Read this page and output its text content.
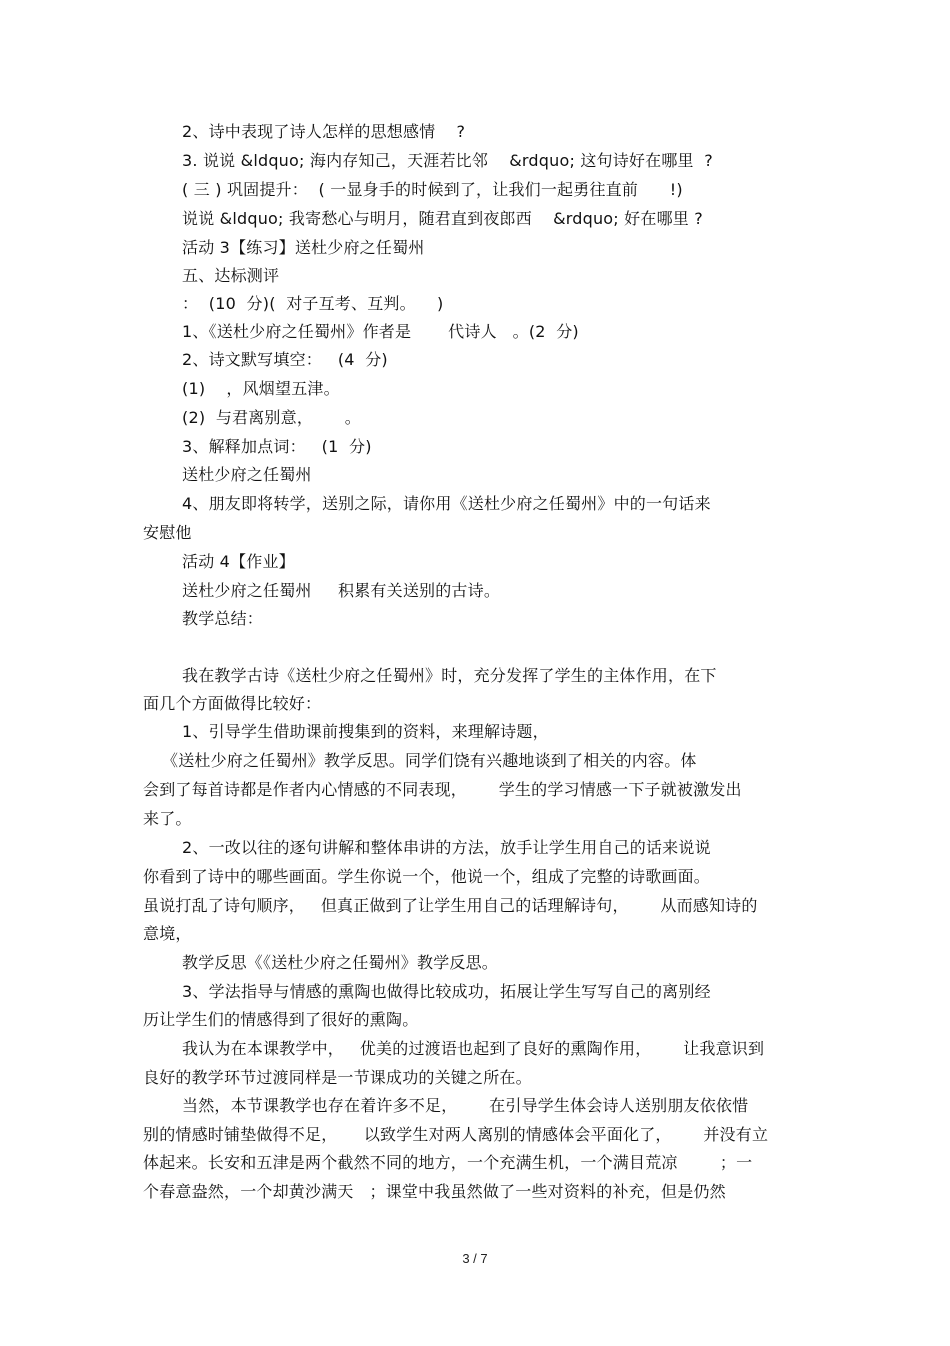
2、诗中表现了诗人怎样的思想感情    ?
3. 说说 &ldquo; 海内存知己，天涯若比邻    &rdquo; 这句诗好在哪里  ?
( 三 ) 巩固提升：  ( 一显身手的时候到了，让我们一起勇往直前      !)
说说 &ldquo; 我寄愁心与明月，随君直到夜郎西    &rdquo; 好在哪里 ?
活动 3【练习】送杜少府之任蜀州
五、达标测评
：  (10  分)(  对子互考、互判。    )
1、《送杜少府之任蜀州》作者是       代诗人   。(2  分)
2、诗文默写填空：   (4  分)
(1)    ，风烟望五津。
(2)  与君离别意，      。
3、解释加点词：   (1  分)
送杜少府之任蜀州
4、朋友即将转学，送别之际，请你用《送杜少府之任蜀州》中的一句话来
安慰他
活动 4【作业】
送杜少府之任蜀州     积累有关送别的古诗。
教学总结：
我在教学古诗《送杜少府之任蜀州》时，充分发挥了学生的主体作用，在下
面几个方面做得比较好：
1、引导学生借助课前搜集到的资料，来理解诗题，
《送杜少府之任蜀州》教学反思。同学们饶有兴趣地谈到了相关的内容。体
会到了每首诗都是作者内心情感的不同表现，      学生的学习情感一下子就被激发出
来了。
2、一改以往的逐句讲解和整体串讲的方法，放手让学生用自己的话来说说
你看到了诗中的哪些画面。学生你说一个，他说一个，组成了完整的诗歌画面。
虽说打乱了诗句顺序，   但真正做到了让学生用自己的话理解诗句，      从而感知诗的
意境，
教学反思《《送杜少府之任蜀州》教学反思。
3、学法指导与情感的熏陶也做得比较成功，拓展让学生写写自己的离别经
历让学生们的情感得到了很好的熏陶。
我认为在本课教学中，   优美的过渡语也起到了良好的熏陶作用，      让我意识到
良好的教学环节过渡同样是一节课成功的关键之所在。
当然，本节课教学也存在着许多不足，      在引导学生体会诗人送别朋友依依惜
别的情感时铺垫做得不足，     以致学生对两人离别的情感体会平面化了，      并没有立
体起来。长安和五津是两个截然不同的地方，一个充满生机，一个满目荒凉        ；一
个春意盎然，一个却黄沙满天   ；课堂中我虽然做了一些对资料的补充，但是仍然
3 / 7
